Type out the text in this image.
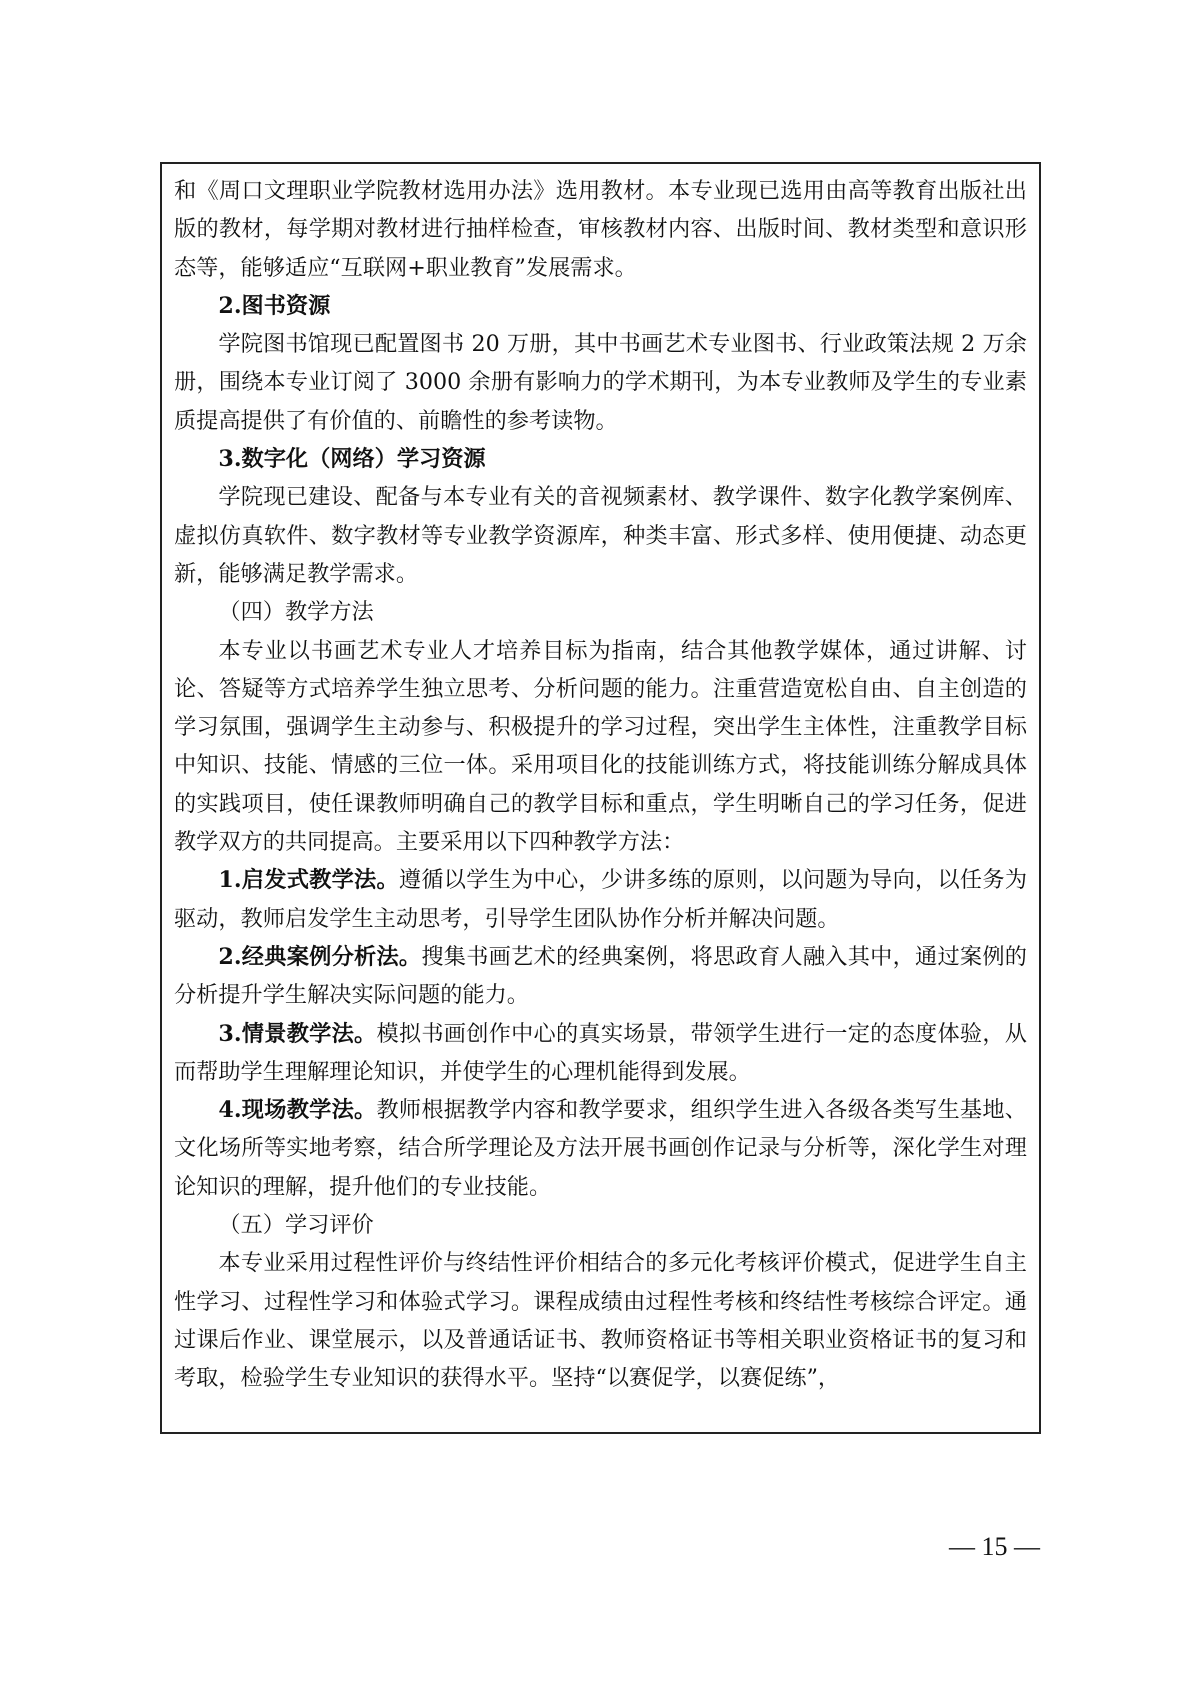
和《周口文理职业学院教材选用办法》选用教材。本专业现已选用由高等教育出版社出版的教材，每学期对教材进行抽样检查，审核教材内容、出版时间、教材类型和意识形态等，能够适应“互联网+职业教育”发展需求。

2.图书资源

学院图书馆现已配置图书 20 万册，其中书画艺术专业图书、行业政策法规 2 万余册，围绕本专业订阅了 3000 余册有影响力的学术期刊，为本专业教师及学生的专业素质提高提供了有价值的、前瞻性的参考读物。

3.数字化（网络）学习资源

学院现已建设、配备与本专业有关的音视频素材、教学课件、数字化教学案例库、虚拟仿真软件、数字教材等专业教学资源库，种类丰富、形式多样、使用便捷、动态更新，能够满足教学需求。

（四）教学方法

本专业以书画艺术专业人才培养目标为指南，结合其他教学媒体，通过讲解、讨论、答疑等方式培养学生独立思考、分析问题的能力。注重营造宽松自由、自主创造的学习氛围，强调学生主动参与、积极提升的学习过程，突出学生主体性，注重教学目标中知识、技能、情感的三位一体。采用项目化的技能训练方式，将技能训练分解成具体的实践项目，使任课教师明确自己的教学目标和重点，学生明晰自己的学习任务，促进教学双方的共同提高。主要采用以下四种教学方法：

1.启发式教学法。遵循以学生为中心，少讲多练的原则，以问题为导向，以任务为驱动，教师启发学生主动思考，引导学生团队协作分析并解决问题。

2.经典案例分析法。搜集书画艺术的经典案例，将思政育人融入其中，通过案例的分析提升学生解决实际问题的能力。

3.情景教学法。模拟书画创作中心的真实场景，带领学生进行一定的态度体验，从而帮助学生理解理论知识，并使学生的心理机能得到发展。

4.现场教学法。教师根据教学内容和教学要求，组织学生进入各级各类写生基地、文化场所等实地考察，结合所学理论及方法开展书画创作记录与分析等，深化学生对理论知识的理解，提升他们的专业技能。

（五）学习评价

本专业采用过程性评价与终结性评价相结合的多元化考核评价模式，促进学生自主性学习、过程性学习和体验式学习。课程成绩由过程性考核和终结性考核综合评定。通过课后作业、课堂展示，以及普通话证书、教师资格证书等相关职业资格证书的复习和考取，检验学生专业知识的获得水平。坚持“以赛促学，以赛促练”，

— 15 —
